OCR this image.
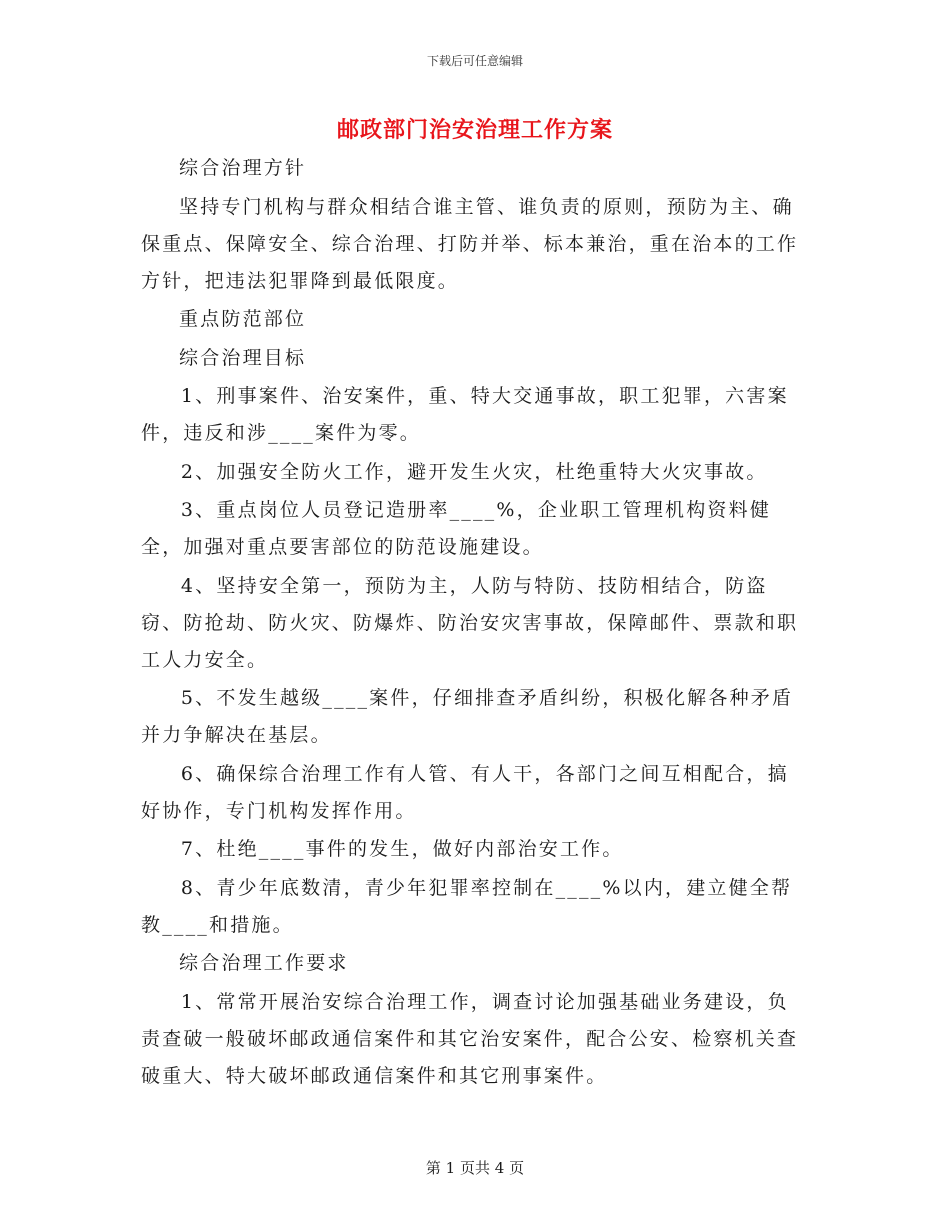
下载后可任意编辑
邮政部门治安治理工作方案

综合治理方针

坚持专门机构与群众相结合谁主管、谁负责的原则，预防为主、确保重点、保障安全、综合治理、打防并举、标本兼治，重在治本的工作方针，把违法犯罪降到最低限度。

重点防范部位

综合治理目标

1、刑事案件、治安案件，重、特大交通事故，职工犯罪，六害案件，违反和涉____案件为零。

2、加强安全防火工作，避开发生火灾，杜绝重特大火灾事故。

3、重点岗位人员登记造册率____%，企业职工管理机构资料健全，加强对重点要害部位的防范设施建设。

4、坚持安全第一，预防为主，人防与特防、技防相结合，防盗窃、防抢劫、防火灾、防爆炸、防治安灾害事故，保障邮件、票款和职工人力安全。

5、不发生越级____案件，仔细排查矛盾纠纷，积极化解各种矛盾并力争解决在基层。

6、确保综合治理工作有人管、有人干，各部门之间互相配合，搞好协作，专门机构发挥作用。

7、杜绝____事件的发生，做好内部治安工作。

8、青少年底数清，青少年犯罪率控制在____%以内，建立健全帮教____和措施。

综合治理工作要求

1、常常开展治安综合治理工作，调查讨论加强基础业务建设，负责查破一般破坏邮政通信案件和其它治安案件，配合公安、检察机关查破重大、特大破坏邮政通信案件和其它刑事案件。

第 1 页共 4 页
